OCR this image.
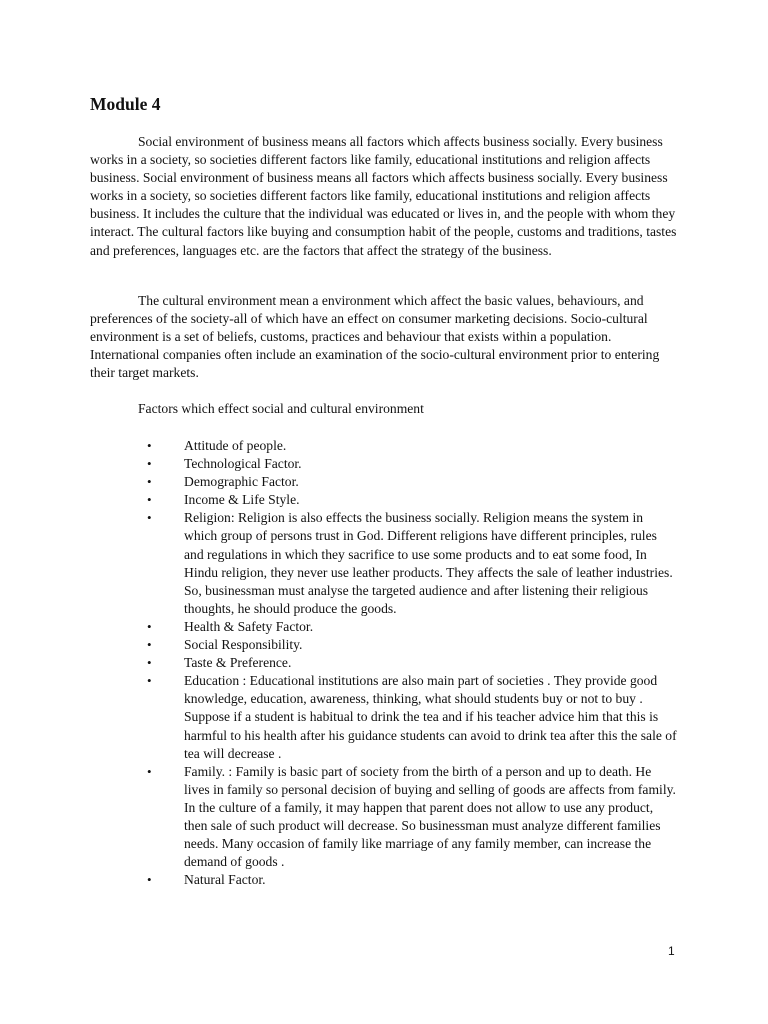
Module 4

Social environment of business means all factors which affects business socially. Every business works in a society, so societies different factors like family, educational institutions and religion affects business. Social environment of business means all factors which affects business socially. Every business works in a society, so societies different factors like family, educational institutions and religion affects business. It includes the culture that the individual was educated or lives in, and the people with whom they interact. The cultural factors like buying and consumption habit of the people, customs and traditions, tastes and preferences, languages etc. are the factors that affect the strategy of the business.

The cultural environment mean a environment which affect the basic values, behaviours, and preferences of the society-all of which have an effect on consumer marketing decisions. Socio-cultural environment is a set of beliefs, customs, practices and behaviour that exists within a population. International companies often include an examination of the socio-cultural environment prior to entering their target markets.

Factors which effect social and cultural environment

• Attitude of people.
• Technological Factor.
• Demographic Factor.
• Income & Life Style.
• Religion: Religion is also effects the business socially. Religion means the system in which group of persons trust in God. Different religions have different principles, rules and regulations in which they sacrifice to use some products and to eat some food, In Hindu religion, they never use leather products. They affects the sale of leather industries. So, businessman must analyse the targeted audience and after listening their religious thoughts, he should produce the goods.
• Health & Safety Factor.
• Social Responsibility.
• Taste & Preference.
• Education : Educational institutions are also main part of societies . They provide good knowledge, education, awareness, thinking, what should students buy or not to buy . Suppose if a student is habitual to drink the tea and if his teacher advice him that this is harmful to his health after his guidance students can avoid to drink tea after this the sale of tea will decrease .
• Family. : Family is basic part of society from the birth of a person and up to death. He lives in family so personal decision of buying and selling of goods are affects from family. In the culture of a family, it may happen that parent does not allow to use any product, then sale of such product will decrease. So businessman must analyze different families needs. Many occasion of family like marriage of any family member, can increase the demand of goods .
• Natural Factor.

1
